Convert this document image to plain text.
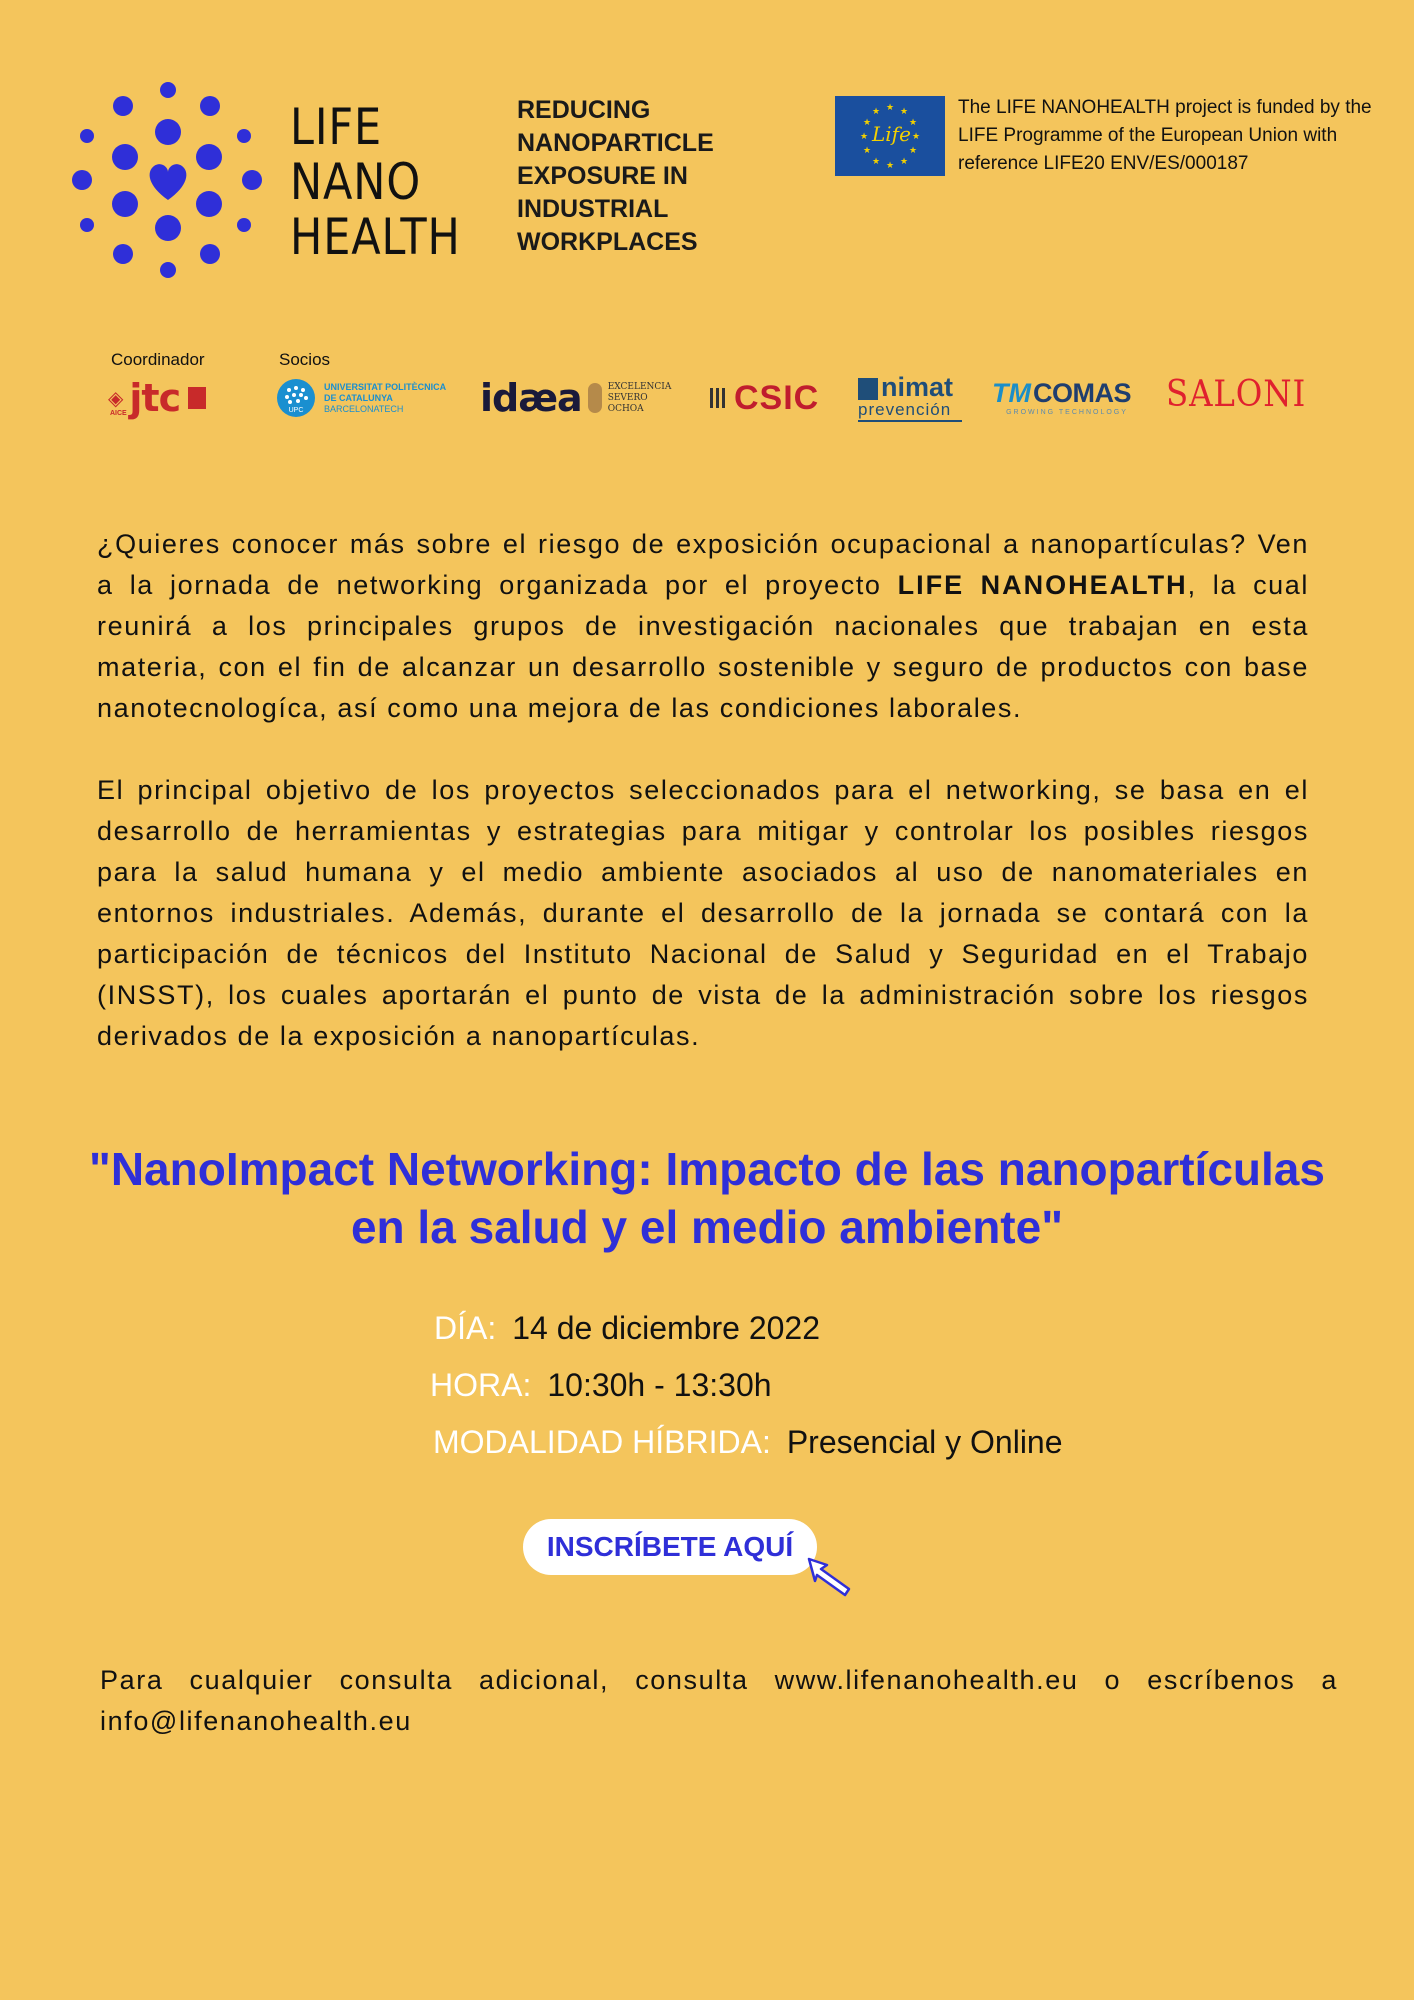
LIFE
NANO
HEALTH
REDUCING NANOPARTICLE EXPOSURE IN INDUSTRIAL WORKPLACES
★ ★
★
★
★
★
★
★
★
★
★
★
Life
The LIFE NANOHEALTH project is funded by the LIFE Programme of the European Union with reference LIFE20 ENV/ES/000187
Coordinador	Socios
◈ jtc
AICE	UPC
UNIVERSITAT POLITÈCNICA
DE CATALUNYA
BARCELONATECH	idæa	EXCELENCIA
SEVERO
OCHOA	CSIC nimat
prevención
TM COMAS
GROWING TECHNOLOGY	SALONI
¿Quieres conocer más sobre el riesgo de exposición ocupacional a nanopartículas? Ven a la jornada de networking organizada por el proyecto LIFE NANOHEALTH, la cual reunirá a los principales grupos de investigación nacionales que trabajan en esta materia, con el fin de alcanzar un desarrollo sostenible y seguro de productos con base nanotecnologíca, así como una mejora de las condiciones laborales.
El principal objetivo de los proyectos seleccionados para el networking, se basa en el desarrollo de herramientas y estrategias para mitigar y controlar los posibles riesgos para la salud humana y el medio ambiente asociados al uso de nanomateriales en entornos industriales. Además, durante el desarrollo de la jornada se contará con la participación de técnicos del Instituto Nacional de Salud y Seguridad en el Trabajo (INSST), los cuales aportarán el punto de vista de la administración sobre los riesgos derivados de la exposición a nanopartículas.
"NanoImpact Networking: Impacto de las nanopartículas en la salud y el medio ambiente"
DÍA: 14 de diciembre 2022
HORA: 10:30h - 13:30h
MODALIDAD HÍBRIDA: Presencial y Online
INSCRÍBETE AQUÍ
Para cualquier consulta adicional, consulta www.lifenanohealth.eu o escríbenos a info@lifenanohealth.eu
